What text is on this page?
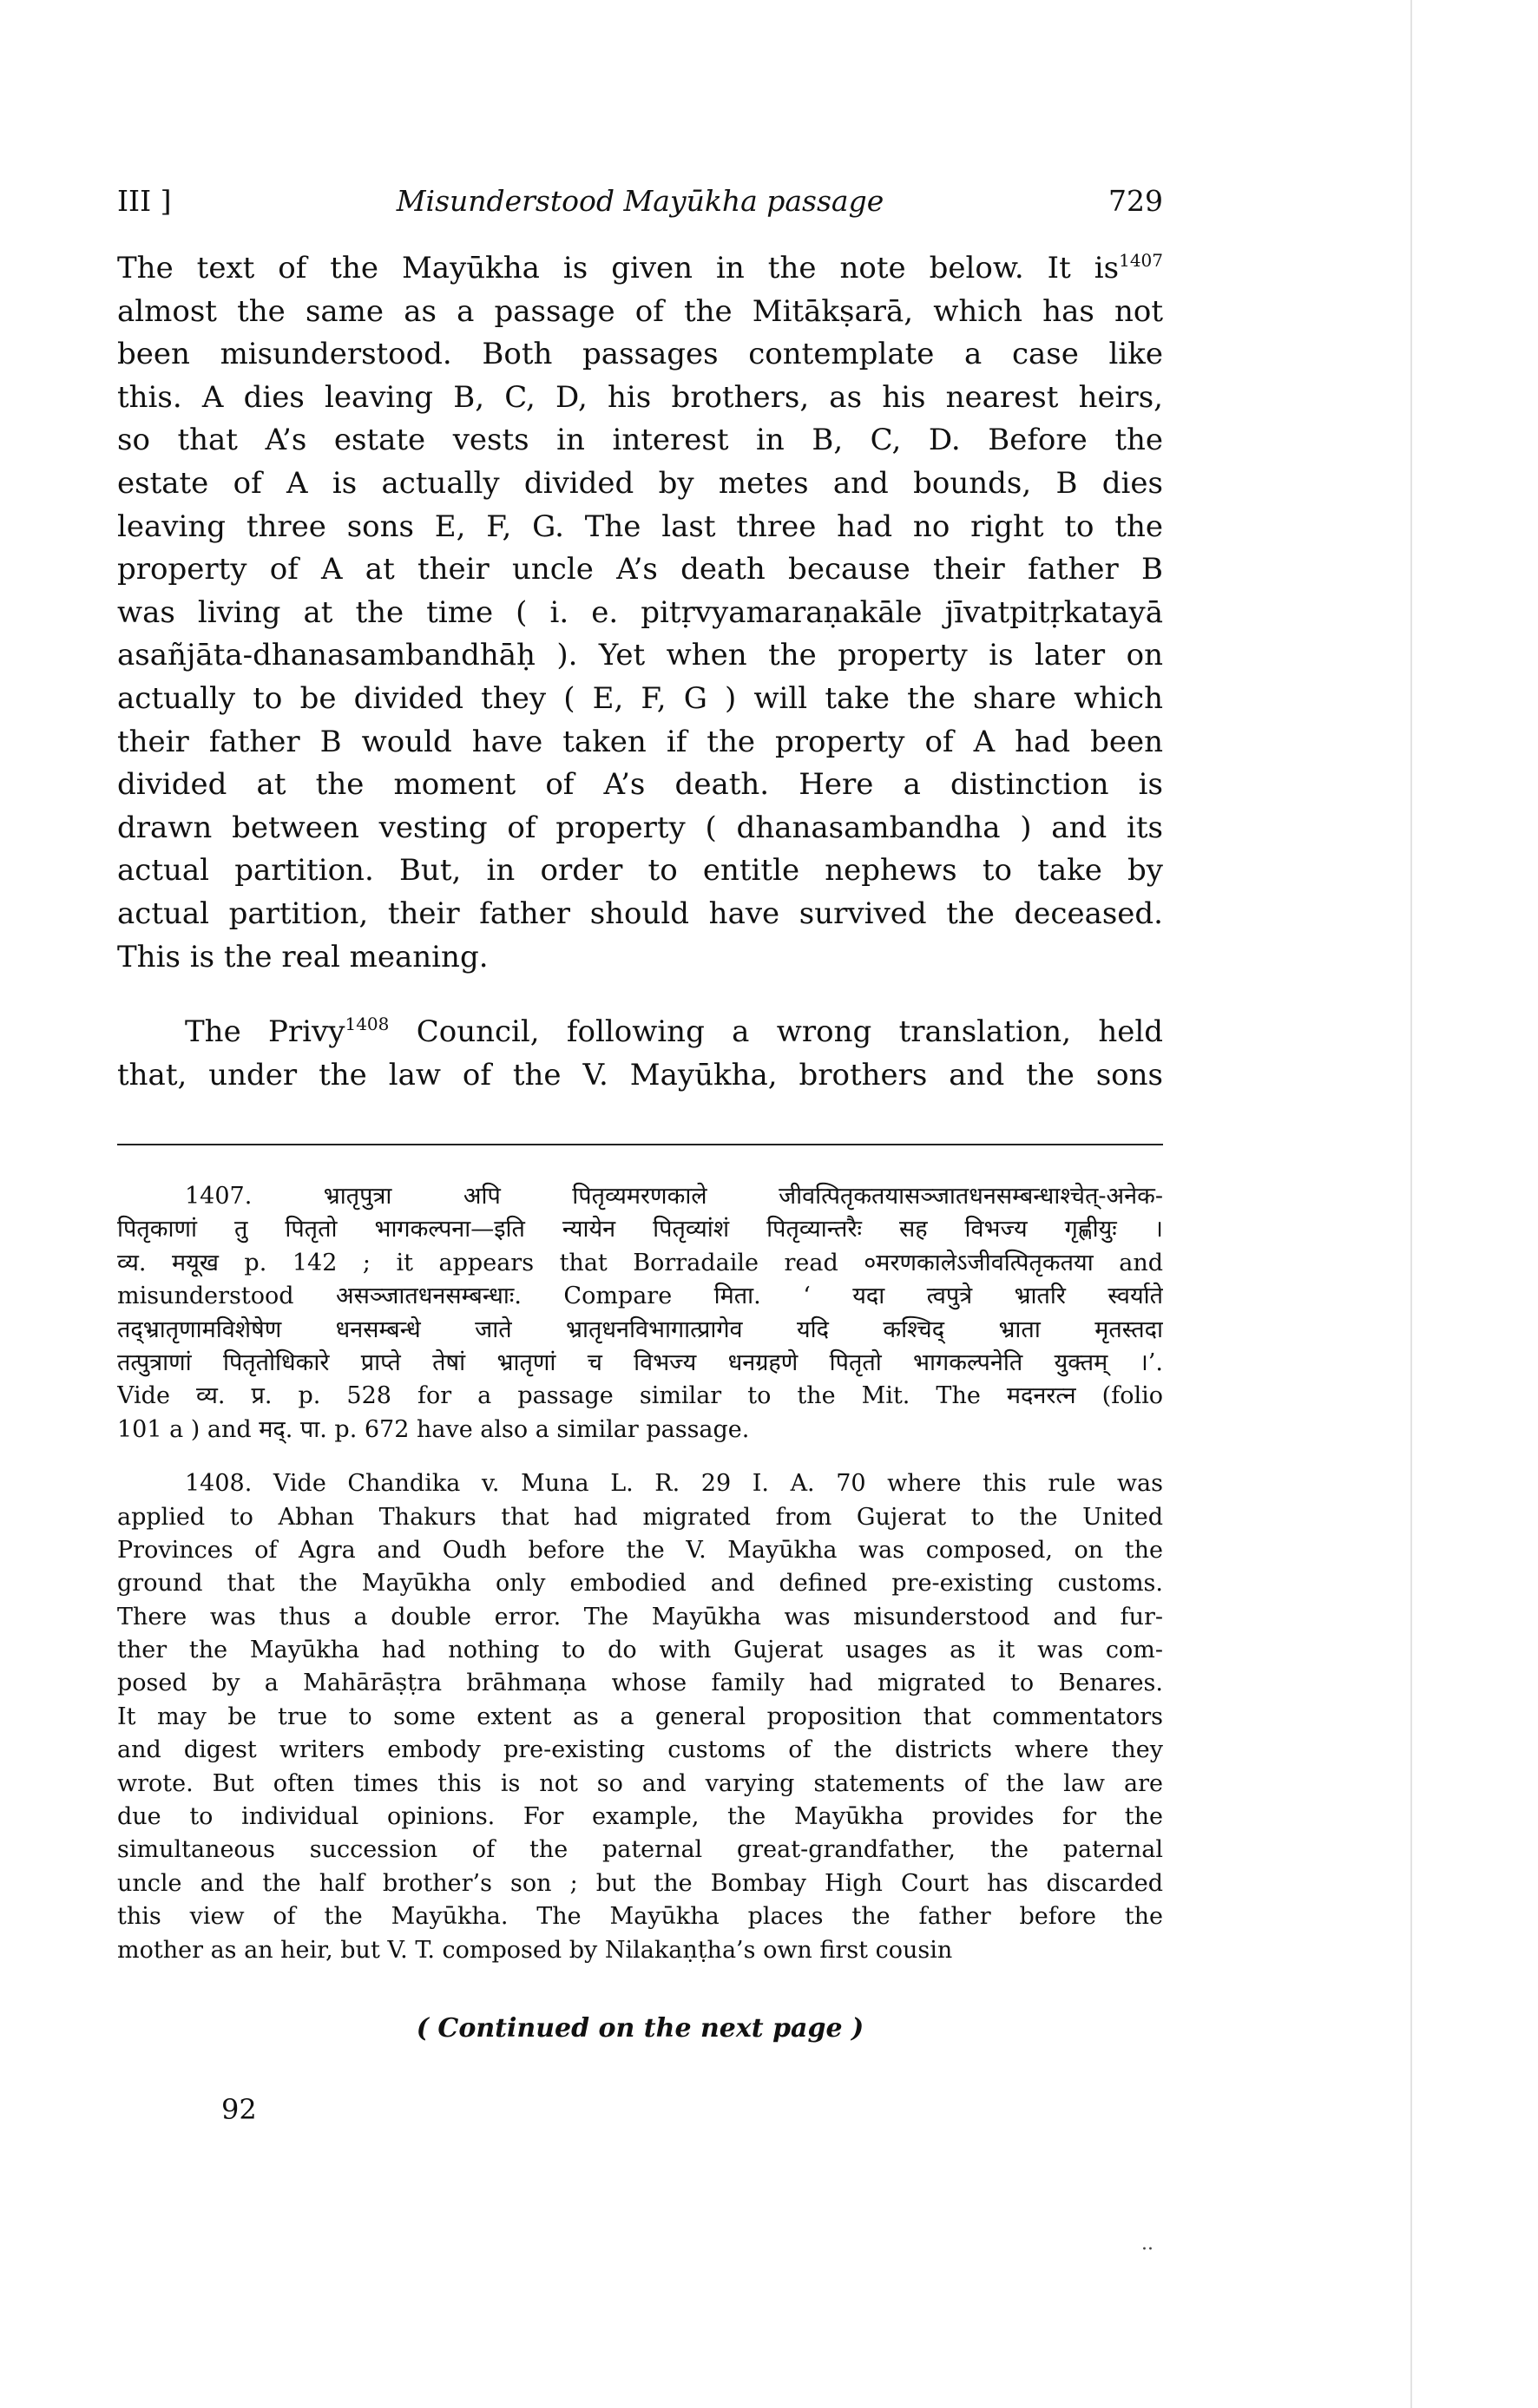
III ]	Misunderstood Mayūkha passage	729
The text of the Mayūkha is given in the note below. It $is^{1407}$
almost the same as a passage of the Mitākṣarā, which has not
been misunderstood. Both passages contemplate a case like
this. A dies leaving B, C, D, his brothers, as his nearest heirs,
so that A’s estate vests in interest in B, C, D. Before the
estate of A is actually divided by metes and bounds, B dies
leaving three sons E, F, G. The last three had no right to the
property of A at their uncle A’s death because their father B
was living at the time ( i. e. pitṛvyamaraṇakāle jīvatpitṛkatayā
asañjāta-dhanasambandhāḥ ). Yet when the property is later on
actually to be divided they ( E, F, G ) will take the share which
their father B would have taken if the property of A had been
divided at the moment of A’s death. Here a distinction is
drawn between vesting of property ( dhanasambandha ) and its
actual partition. But, in order to entitle nephews to take by
actual partition, their father should have survived the deceased.
This is the real meaning.
The Privy$^{1408}$ Council, following a wrong translation, held
that, under the law of the V. Mayūkha, brothers and the sons
1407. भ्रातृपुत्रा अपि पितृव्यमरणकाले जीवत्पितृकतयासञ्जातधनसम्बन्धाश्चेत्-अनेक-
पितृकाणां तु पितृतो भागकल्पना—इति न्यायेन पितृव्यांशं पितृव्यान्तरैः सह विभज्य गृह्णीयुः ।
व्य. मयूख p. 142 ; it appears that Borradaile read ०मरणकालेऽजीवत्पितृकतया and
misunderstood असञ्जातधनसम्बन्धाः. Compare मिता. ‘ यदा त्वपुत्रे भ्रातरि स्वर्याते
तद्भ्रातृणामविशेषेण धनसम्बन्धे जाते भ्रातृधनविभागात्प्रागेव यदि कश्चिद् भ्राता मृतस्तदा
तत्पुत्राणां पितृतोधिकारे प्राप्ते तेषां भ्रातृणां च विभज्य धनग्रहणे पितृतो भागकल्पनेति युक्तम् ।’.
Vide व्य. प्र. p. 528 for a passage similar to the Mit. The मदनरत्न (folio
101 a ) and मद्. पा. p. 672 have also a similar passage.
1408. Vide Chandika v. Muna L. R. 29 I. A. 70 where this rule was
applied to Abhan Thakurs that had migrated from Gujerat to the United
Provinces of Agra and Oudh before the V. Mayūkha was composed, on the
ground that the Mayūkha only embodied and defined pre-existing customs.
There was thus a double error. The Mayūkha was misunderstood and fur-
ther the Mayūkha had nothing to do with Gujerat usages as it was com-
posed by a Mahārāṣṭra brāhmaṇa whose family had migrated to Benares.
It may be true to some extent as a general proposition that commentators
and digest writers embody pre-existing customs of the districts where they
wrote. But often times this is not so and varying statements of the law are
due to individual opinions. For example, the Mayūkha provides for the
simultaneous succession of the paternal great-grandfather, the paternal
uncle and the half brother’s son ; but the Bombay High Court has discarded
this view of the Mayūkha. The Mayūkha places the father before the
mother as an heir, but V. T. composed by Nilakaṇṭha’s own first cousin
( Continued on the next page )
92
··
